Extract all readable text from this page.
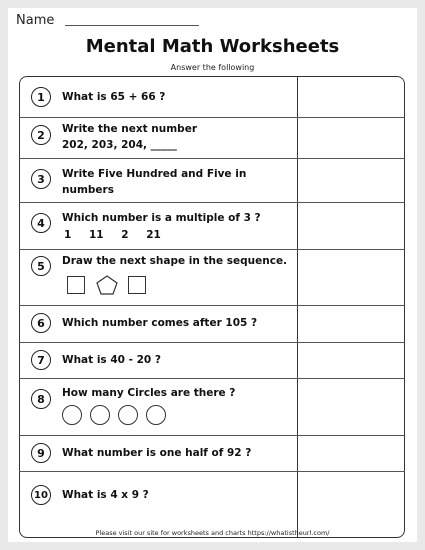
Name
Mental Math Worksheets
Answer the following
1	What is 65 + 66 ?
2	Write the next number
202, 203, 204, _____
3	Write Five Hundred and Five in numbers
4	Which number is a multiple of 3 ?
1 11 2 21
5	Draw the next shape in the sequence.
6	Which number comes after 105 ?
7	What is 40 - 20 ?
8	How many Circles are there ?
9	What number is one half of 92 ?
10 What is 4 x 9 ?
Please visit our site for worksheets and charts https://whatistheurl.com/
